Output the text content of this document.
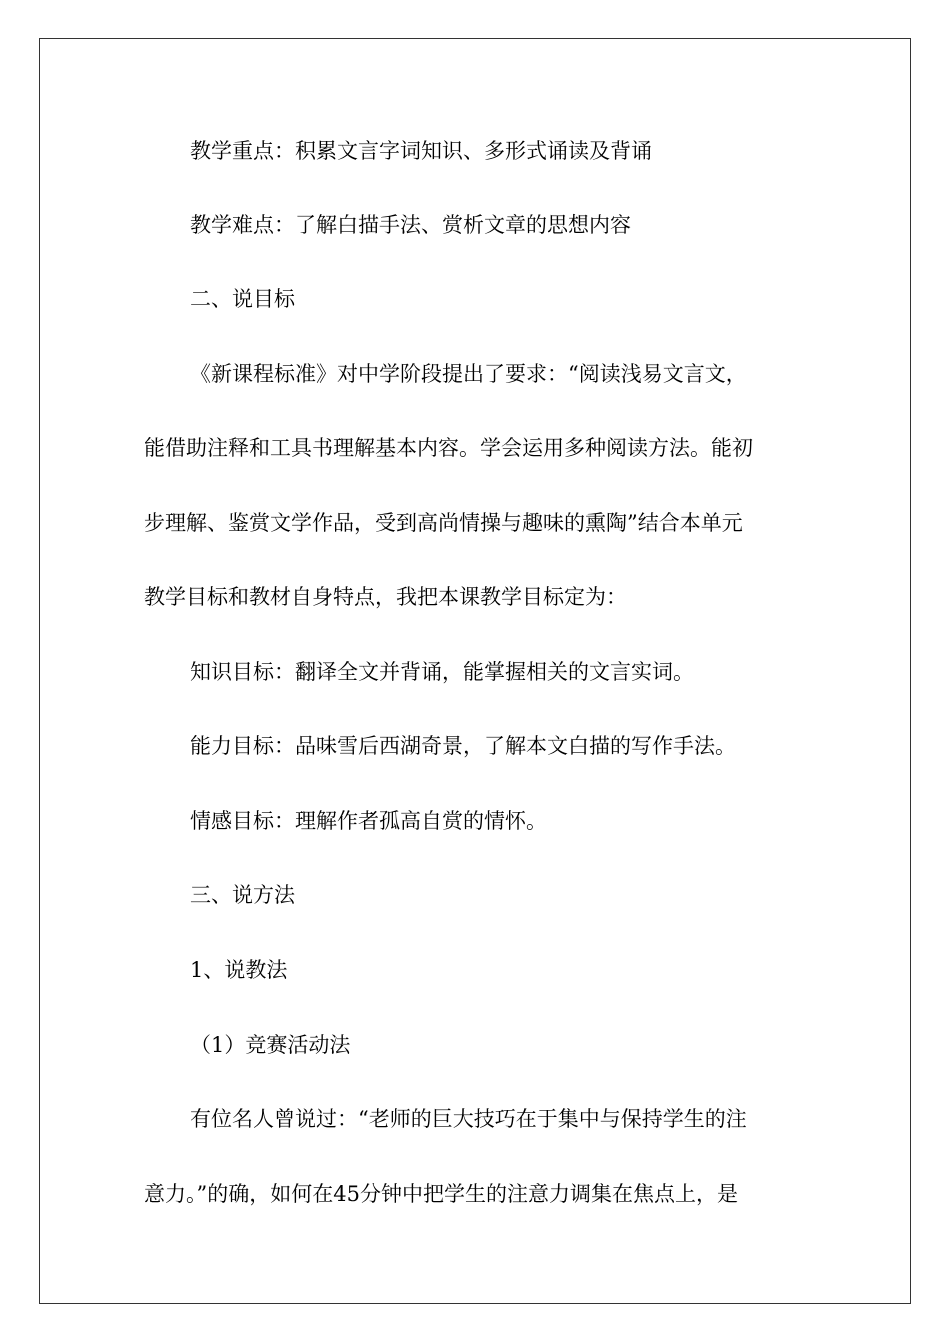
教学重点：积累文言字词知识、多形式诵读及背诵
教学难点：了解白描手法、赏析文章的思想内容
二、说目标
《新课程标准》对中学阶段提出了要求：“阅读浅易文言文，
能借助注释和工具书理解基本内容。学会运用多种阅读方法。能初
步理解、鉴赏文学作品，受到高尚情操与趣味的熏陶”结合本单元
教学目标和教材自身特点，我把本课教学目标定为：
知识目标：翻译全文并背诵，能掌握相关的文言实词。
能力目标：品味雪后西湖奇景，了解本文白描的写作手法。
情感目标：理解作者孤高自赏的情怀。
三、说方法
1、说教法
（1）竞赛活动法
有位名人曾说过：“老师的巨大技巧在于集中与保持学生的注
意力。”的确，如何在45分钟中把学生的注意力调集在焦点上，是
